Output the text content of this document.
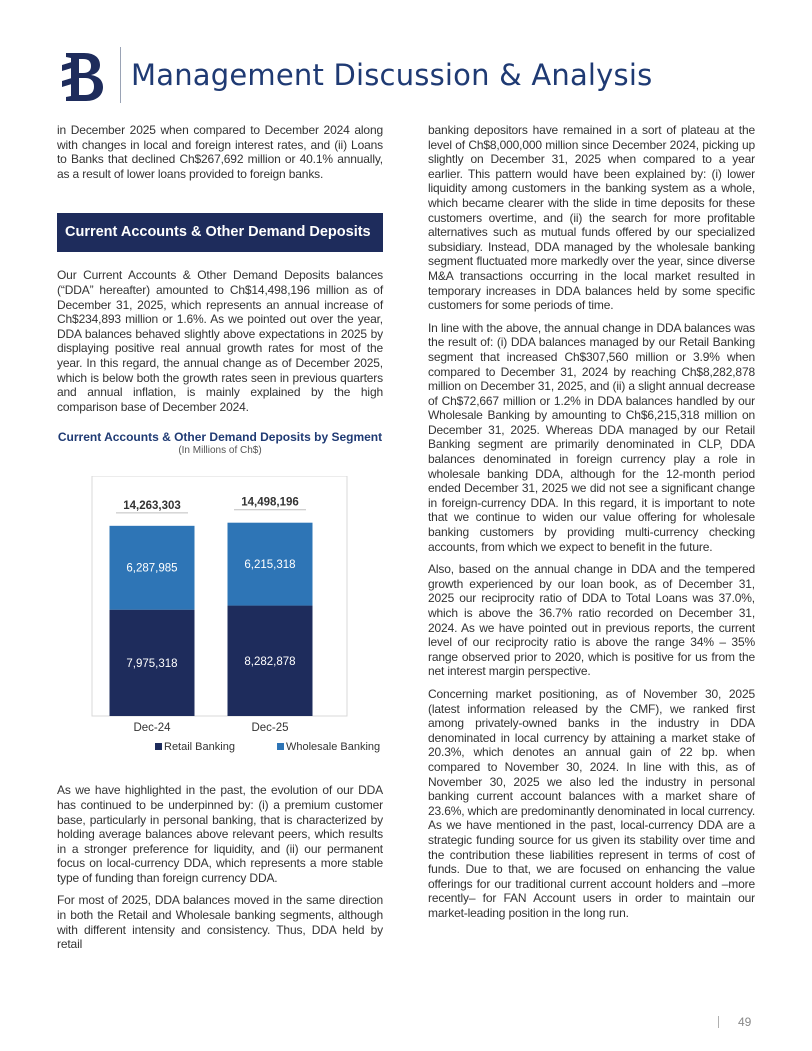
Management Discussion & Analysis

in December 2025 when compared to December 2024 along with changes in local and foreign interest rates, and (ii) Loans to Banks that declined Ch$267,692 million or 40.1% annually, as a result of lower loans provided to foreign banks.

Current Accounts & Other Demand Deposits

Our Current Accounts & Other Demand Deposits balances (“DDA” hereafter) amounted to Ch$14,498,196 million as of December 31, 2025, which represents an annual increase of Ch$234,893 million or 1.6%. As we pointed out over the year, DDA balances behaved slightly above expectations in 2025 by displaying positive real annual growth rates for most of the year. In this regard, the annual change as of December 2025, which is below both the growth rates seen in previous quarters and annual inflation, is mainly explained by the high comparison base of December 2024.

Current Accounts & Other Demand Deposits by Segment
(In Millions of Ch$)
7,975,318
6,287,985
14,263,303
Dec-24
8,282,878
6,215,318
14,498,196
Dec-25
Retail Banking	Wholesale Banking

As we have highlighted in the past, the evolution of our DDA has continued to be underpinned by: (i) a premium customer base, particularly in personal banking, that is characterized by holding average balances above relevant peers, which results in a stronger preference for liquidity, and (ii) our permanent focus on local-currency DDA, which represents a more stable type of funding than foreign currency DDA.

For most of 2025, DDA balances moved in the same direction in both the Retail and Wholesale banking segments, although with different intensity and consistency. Thus, DDA held by retail

banking depositors have remained in a sort of plateau at the level of Ch$8,000,000 million since December 2024, picking up slightly on December 31, 2025 when compared to a year earlier. This pattern would have been explained by: (i) lower liquidity among customers in the banking system as a whole, which became clearer with the slide in time deposits for these customers overtime, and (ii) the search for more profitable alternatives such as mutual funds offered by our specialized subsidiary. Instead, DDA managed by the wholesale banking segment fluctuated more markedly over the year, since diverse M&A transactions occurring in the local market resulted in temporary increases in DDA balances held by some specific customers for some periods of time.

In line with the above, the annual change in DDA balances was the result of: (i) DDA balances managed by our Retail Banking segment that increased Ch$307,560 million or 3.9% when compared to December 31, 2024 by reaching Ch$8,282,878 million on December 31, 2025, and (ii) a slight annual decrease of Ch$72,667 million or 1.2% in DDA balances handled by our Wholesale Banking by amounting to Ch$6,215,318 million on December 31, 2025. Whereas DDA managed by our Retail Banking segment are primarily denominated in CLP, DDA balances denominated in foreign currency play a role in wholesale banking DDA, although for the 12-month period ended December 31, 2025 we did not see a significant change in foreign-currency DDA. In this regard, it is important to note that we continue to widen our value offering for wholesale banking customers by providing multi-currency checking accounts, from which we expect to benefit in the future.

Also, based on the annual change in DDA and the tempered growth experienced by our loan book, as of December 31, 2025 our reciprocity ratio of DDA to Total Loans was 37.0%, which is above the 36.7% ratio recorded on December 31, 2024. As we have pointed out in previous reports, the current level of our reciprocity ratio is above the range 34% – 35% range observed prior to 2020, which is positive for us from the net interest margin perspective.

Concerning market positioning, as of November 30, 2025 (latest information released by the CMF), we ranked first among privately-owned banks in the industry in DDA denominated in local currency by attaining a market stake of 20.3%, which denotes an annual gain of 22 bp. when compared to November 30, 2024. In line with this, as of November 30, 2025 we also led the industry in personal banking current account balances with a market share of 23.6%, which are predominantly denominated in local currency. As we have mentioned in the past, local-currency DDA are a strategic funding source for us given its stability over time and the contribution these liabilities represent in terms of cost of funds. Due to that, we are focused on enhancing the value offerings for our traditional current account holders and –more recently– for FAN Account users in order to maintain our market-leading position in the long run.

49
